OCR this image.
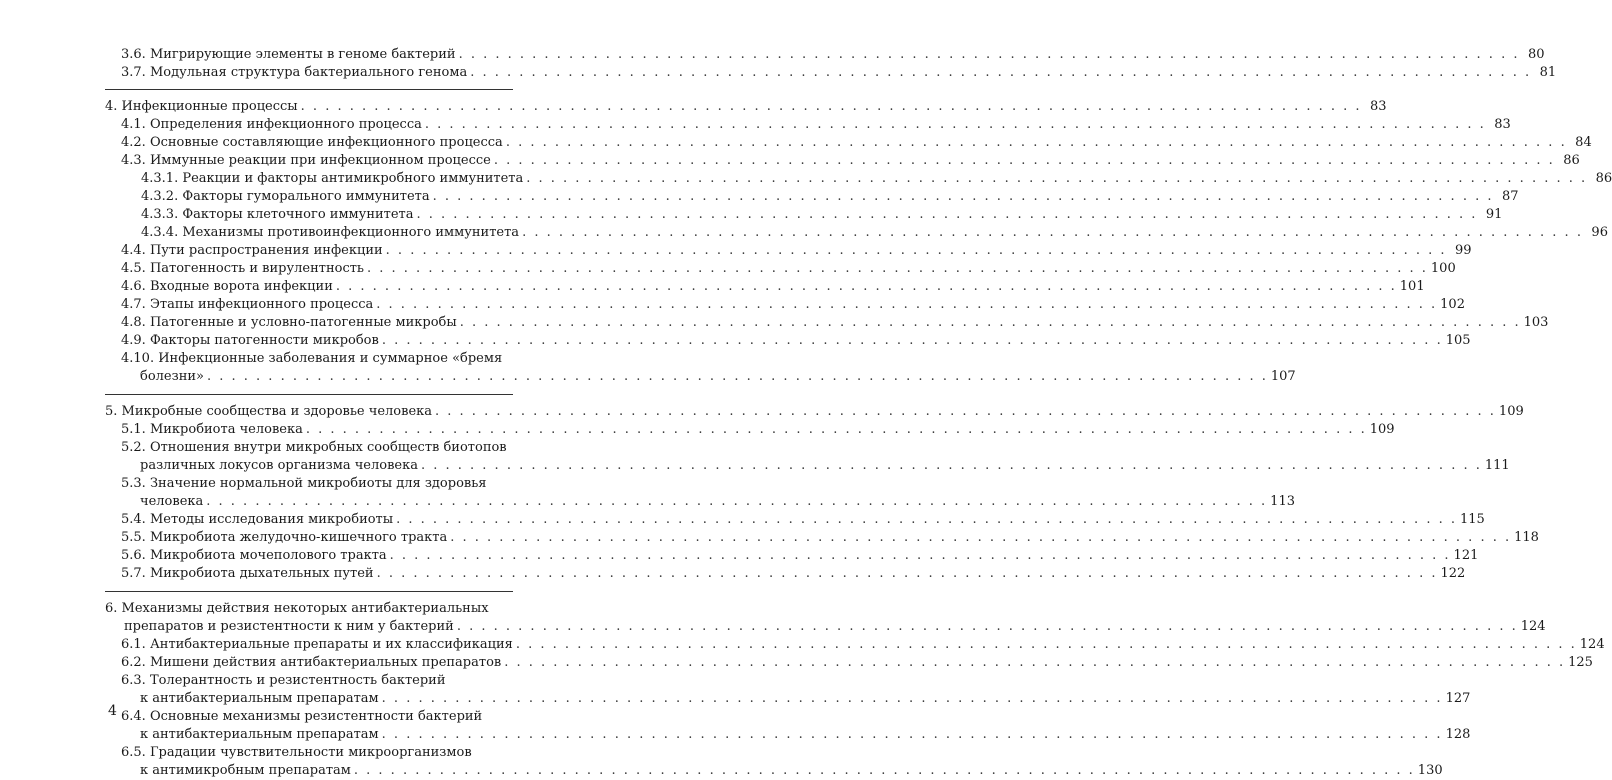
3.6. Мигрирующие элементы в геноме бактерий . . .	80
3.7. Модульная структура бактериального генома . . .	81
4. Инфекционные процессы . . .	83
4.1. Определения инфекционного процесса . . .	83
4.2. Основные составляющие инфекционного процесса . . .	84
4.3. Иммунные реакции при инфекционном процессе . . .	86
4.3.1. Реакции и факторы антимикробного иммунитета . . .	86
4.3.2. Факторы гуморального иммунитета . . .	87
4.3.3. Факторы клеточного иммунитета . . .	91
4.3.4. Механизмы противоинфекционного иммунитета . . .	96
4.4. Пути распространения инфекции . . .	99
4.5. Патогенность и вирулентность . . .	100
4.6. Входные ворота инфекции . . .	101
4.7. Этапы инфекционного процесса . . .	102
4.8. Патогенные и условно-патогенные микробы . . .	103
4.9. Факторы патогенности микробов . . .	105
4.10. Инфекционные заболевания и суммарное «бремя
болезни» . . .	107
5. Микробные сообщества и здоровье человека . . .	109
5.1. Микробиота человека . . .	109
5.2. Отношения внутри микробных сообществ биотопов
различных локусов организма человека . . .	111
5.3. Значение нормальной микробиоты для здоровья
человека . . .	113
5.4. Методы исследования микробиоты . . .	115
5.5. Микробиота желудочно-кишечного тракта . . .	118
5.6. Микробиота мочеполового тракта . . .	121
5.7. Микробиота дыхательных путей . . .	122
6. Механизмы действия некоторых антибактериальных
препаратов и резистентности к ним у бактерий . . .	124
6.1. Антибактериальные препараты и их классификация . . .	124
6.2. Мишени действия антибактериальных препаратов . . .	125
6.3. Толерантность и резистентность бактерий
к антибактериальным препаратам . . .	127
6.4. Основные механизмы резистентности бактерий
к антибактериальным препаратам . . .	128
6.5. Градации чувствительности микроорганизмов
к антимикробным препаратам . . .	130
4
